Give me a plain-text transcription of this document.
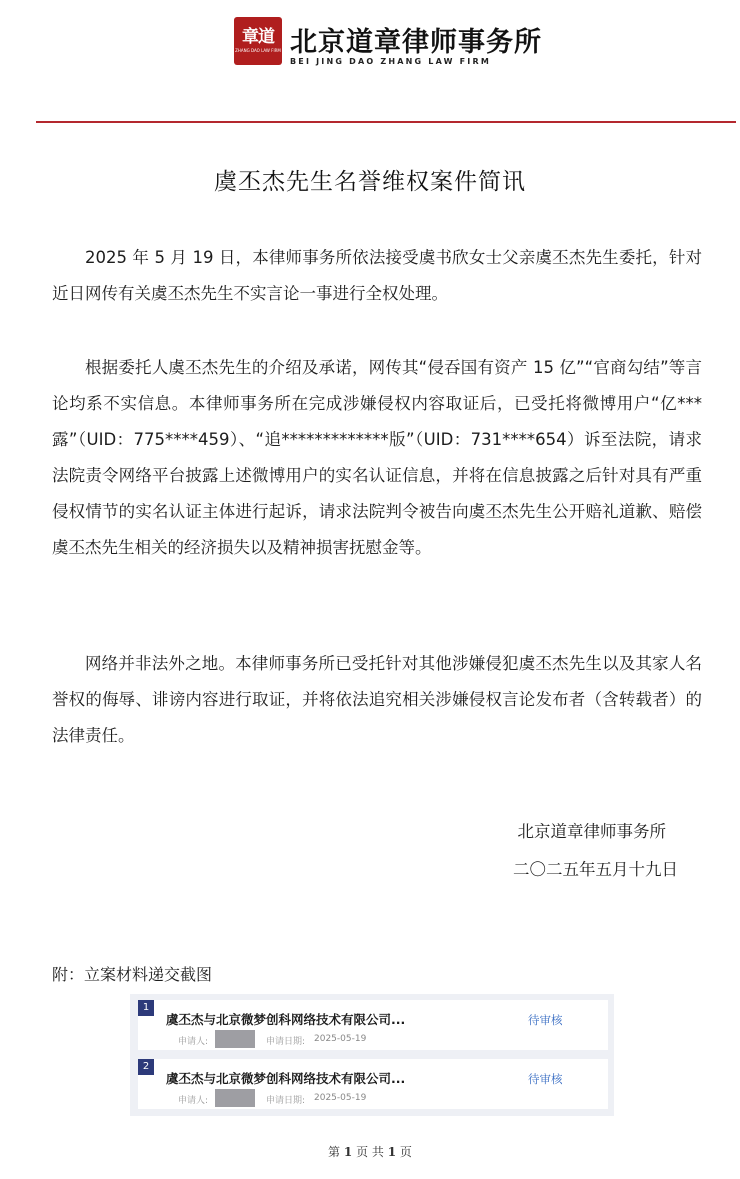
章道
ZHANG DAO LAW FIRM 北京道章律师事务所
BEI JING DAO ZHANG LAW FIRM
虞丕杰先生名誉维权案件简讯

2025 年 5 月 19 日，本律师事务所依法接受虞书欣女士父亲虞丕杰先生委托，针对近日网传有关虞丕杰先生不实言论一事进行全权处理。

根据委托人虞丕杰先生的介绍及承诺，网传其“侵吞国有资产 15 亿”“官商勾结”等言论均系不实信息。本律师事务所在完成涉嫌侵权内容取证后，已受托将微博用户“亿***露”（UID：775****459）、“追*************版”（UID：731****654）诉至法院，请求法院责令网络平台披露上述微博用户的实名认证信息，并将在信息披露之后针对具有严重侵权情节的实名认证主体进行起诉，请求法院判令被告向虞丕杰先生公开赔礼道歉、赔偿虞丕杰先生相关的经济损失以及精神损害抚慰金等。

网络并非法外之地。本律师事务所已受托针对其他涉嫌侵犯虞丕杰先生以及其家人名誉权的侮辱、诽谤内容进行取证，并将依法追究相关涉嫌侵权言论发布者（含转载者）的法律责任。

北京道章律师事务所
二〇二五年五月十九日
附：立案材料递交截图
1
虞丕杰与北京微梦创科网络技术有限公司...	待审核
申请人:	申请日期: 2025-05-19
2
虞丕杰与北京微梦创科网络技术有限公司...	待审核
申请人:	申请日期: 2025-05-19
第 1 页 共 1 页
